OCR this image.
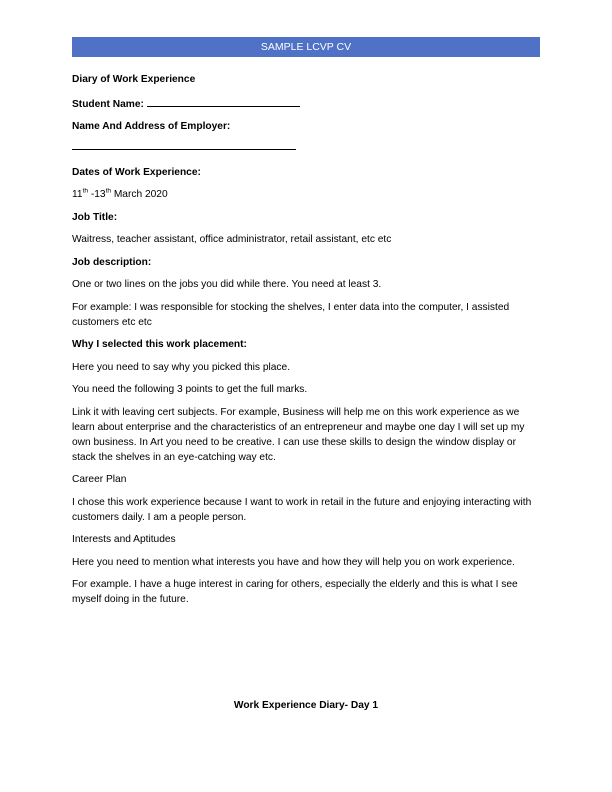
SAMPLE LCVP CV

Diary of Work Experience

Student Name:

Name And Address of Employer:

Dates of Work Experience:

11th -13th March 2020

Job Title:

Waitress, teacher assistant, office administrator, retail assistant, etc etc

Job description:

One or two lines on the jobs you did while there. You need at least 3.

For example: I was responsible for stocking the shelves, I enter data into the computer, I assisted customers etc etc

Why I selected this work placement:

Here you need to say why you picked this place.

You need the following 3 points to get the full marks.

Link it with leaving cert subjects. For example, Business will help me on this work experience as we learn about enterprise and the characteristics of an entrepreneur and maybe one day I will set up my own business. In Art you need to be creative. I can use these skills to design the window display or stack the shelves in an eye-catching way etc.

Career Plan

I chose this work experience because I want to work in retail in the future and enjoying interacting with customers daily. I am a people person.

Interests and Aptitudes

Here you need to mention what interests you have and how they will help you on work experience.

For example. I have a huge interest in caring for others, especially the elderly and this is what I see myself doing in the future.

Work Experience Diary- Day 1
